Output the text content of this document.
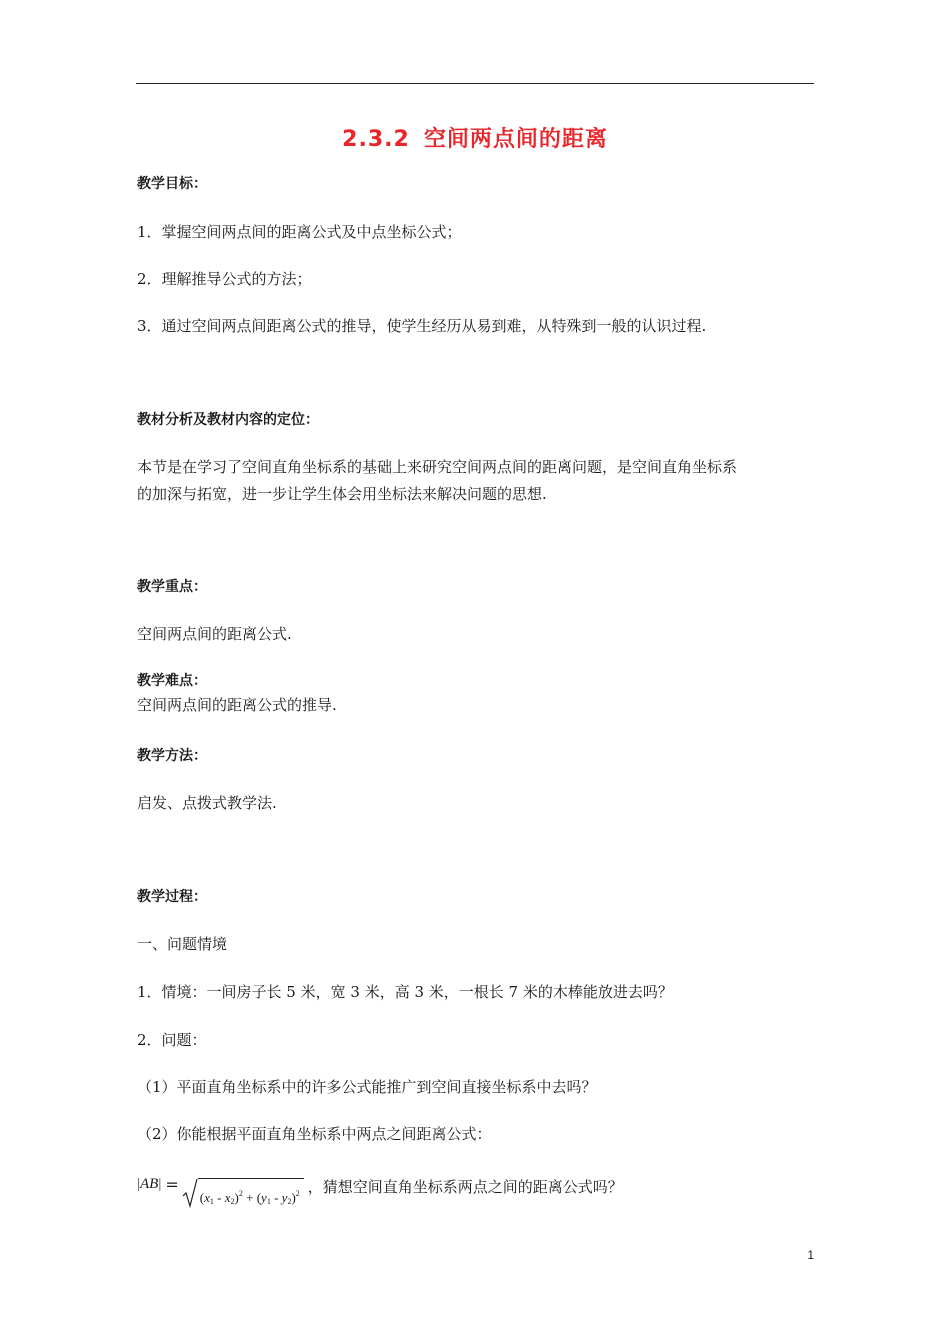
2.3.2 空间两点间的距离
教学目标：
1．掌握空间两点间的距离公式及中点坐标公式；
2．理解推导公式的方法；
3．通过空间两点间距离公式的推导，使学生经历从易到难，从特殊到一般的认识过程.
教材分析及教材内容的定位：
本节是在学习了空间直角坐标系的基础上来研究空间两点间的距离问题，是空间直角坐标系
的加深与拓宽，进一步让学生体会用坐标法来解决问题的思想.
教学重点：
空间两点间的距离公式.
教学难点：
空间两点间的距离公式的推导.
教学方法：
启发、点拨式教学法.
教学过程：
一、问题情境
1．情境：一间房子长 5 米，宽 3 米，高 3 米，一根长 7 米的木棒能放进去吗？
2．问题：
（1）平面直角坐标系中的许多公式能推广到空间直接坐标系中去吗？
（2）你能根据平面直角坐标系中两点之间距离公式：
|AB| =
$(x_1 - x_2)^2 + (y_1 - y_2)^2$ ，猜想空间直角坐标系两点之间的距离公式吗？
1
